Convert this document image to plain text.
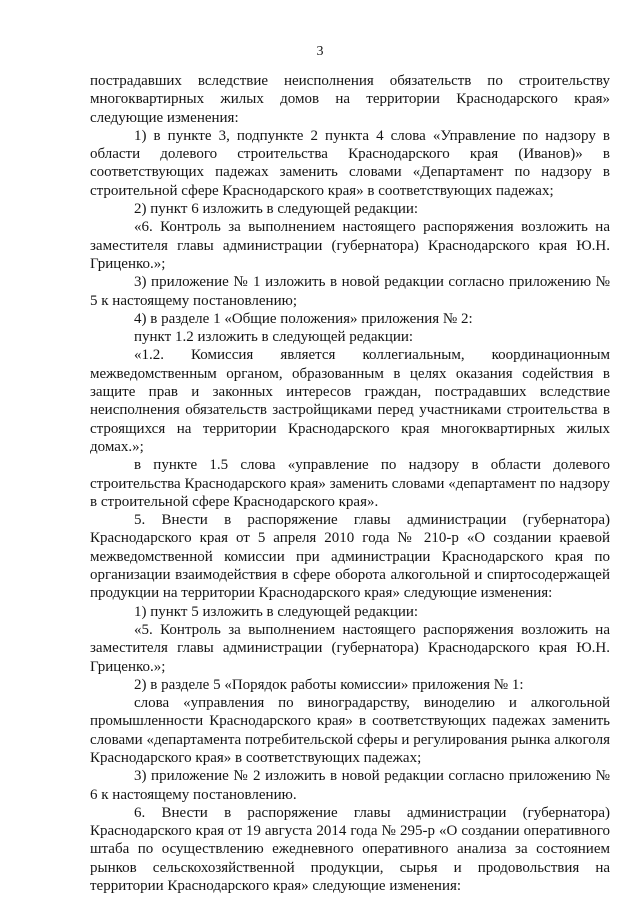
3

пострадавших вследствие неисполнения обязательств по строительству многоквартирных жилых домов на территории Краснодарского края» следующие изменения:

1) в пункте 3, подпункте 2 пункта 4 слова «Управление по надзору в области долевого строительства Краснодарского края (Иванов)» в соответствующих падежах заменить словами «Департамент по надзору в строительной сфере Краснодарского края» в соответствующих падежах;

2) пункт 6 изложить в следующей редакции:

«6. Контроль за выполнением настоящего распоряжения возложить на заместителя главы администрации (губернатора) Краснодарского края Ю.Н. Гриценко.»;

3) приложение № 1 изложить в новой редакции согласно приложению № 5 к настоящему постановлению;

4) в разделе 1 «Общие положения» приложения № 2:

пункт 1.2 изложить в следующей редакции:

«1.2. Комиссия является коллегиальным, координационным межведомственным органом, образованным в целях оказания содействия в защите прав и законных интересов граждан, пострадавших вследствие неисполнения обязательств застройщиками перед участниками строительства в строящихся на территории Краснодарского края многоквартирных жилых домах.»;

в пункте 1.5 слова «управление по надзору в области долевого строительства Краснодарского края» заменить словами «департамент по надзору в строительной сфере Краснодарского края».

5. Внести в распоряжение главы администрации (губернатора) Краснодарского края от 5 апреля 2010 года № 210-р «О создании краевой межведомственной комиссии при администрации Краснодарского края по организации взаимодействия в сфере оборота алкогольной и спиртосодержащей продукции на территории Краснодарского края» следующие изменения:

1) пункт 5 изложить в следующей редакции:

«5. Контроль за выполнением настоящего распоряжения возложить на заместителя главы администрации (губернатора) Краснодарского края Ю.Н. Гриценко.»;

2) в разделе 5 «Порядок работы комиссии» приложения № 1:

слова «управления по виноградарству, виноделию и алкогольной промышленности Краснодарского края» в соответствующих падежах заменить словами «департамента потребительской сферы и регулирования рынка алкоголя Краснодарского края» в соответствующих падежах;

3) приложение № 2 изложить в новой редакции согласно приложению № 6 к настоящему постановлению.

6. Внести в распоряжение главы администрации (губернатора) Краснодарского края от 19 августа 2014 года № 295-р «О создании оперативного штаба по осуществлению ежедневного оперативного анализа за состоянием рынков сельскохозяйственной продукции, сырья и продовольствия на территории Краснодарского края» следующие изменения:
